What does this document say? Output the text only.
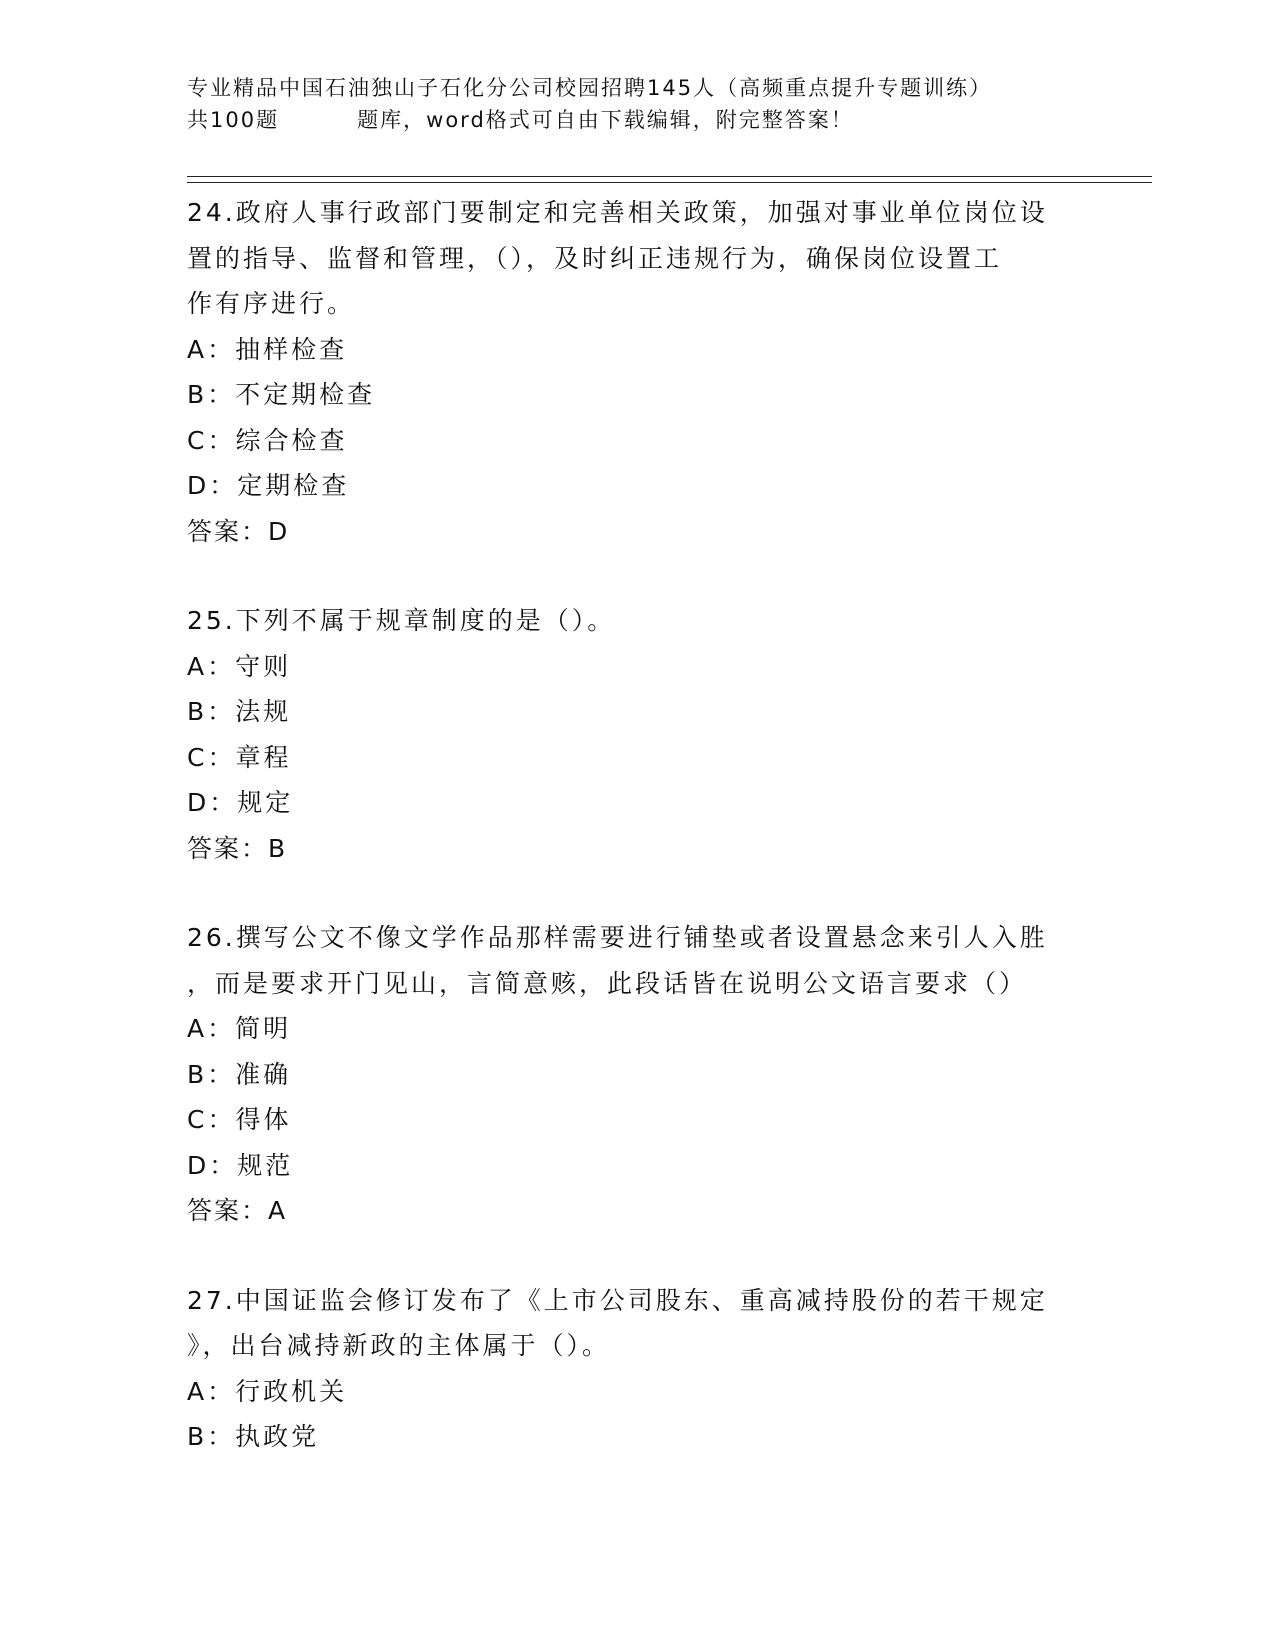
专业精品中国石油独山子石化分公司校园招聘145人（高频重点提升专题训练）
共100题         题库，word格式可自由下载编辑，附完整答案！
24.政府人事行政部门要制定和完善相关政策，加强对事业单位岗位设
置的指导、监督和管理，（），及时纠正违规行为，确保岗位设置工
作有序进行。
A：抽样检查
B：不定期检查
C：综合检查
D：定期检查
答案：D
25.下列不属于规章制度的是（）。
A：守则
B：法规
C：章程
D：规定
答案：B
26.撰写公文不像文学作品那样需要进行铺垫或者设置悬念来引人入胜
，而是要求开门见山，言简意赅，此段话皆在说明公文语言要求（）
A：简明
B：准确
C：得体
D：规范
答案：A
27.中国证监会修订发布了《上市公司股东、重高减持股份的若干规定
》，出台减持新政的主体属于（）。
A：行政机关
B：执政党
